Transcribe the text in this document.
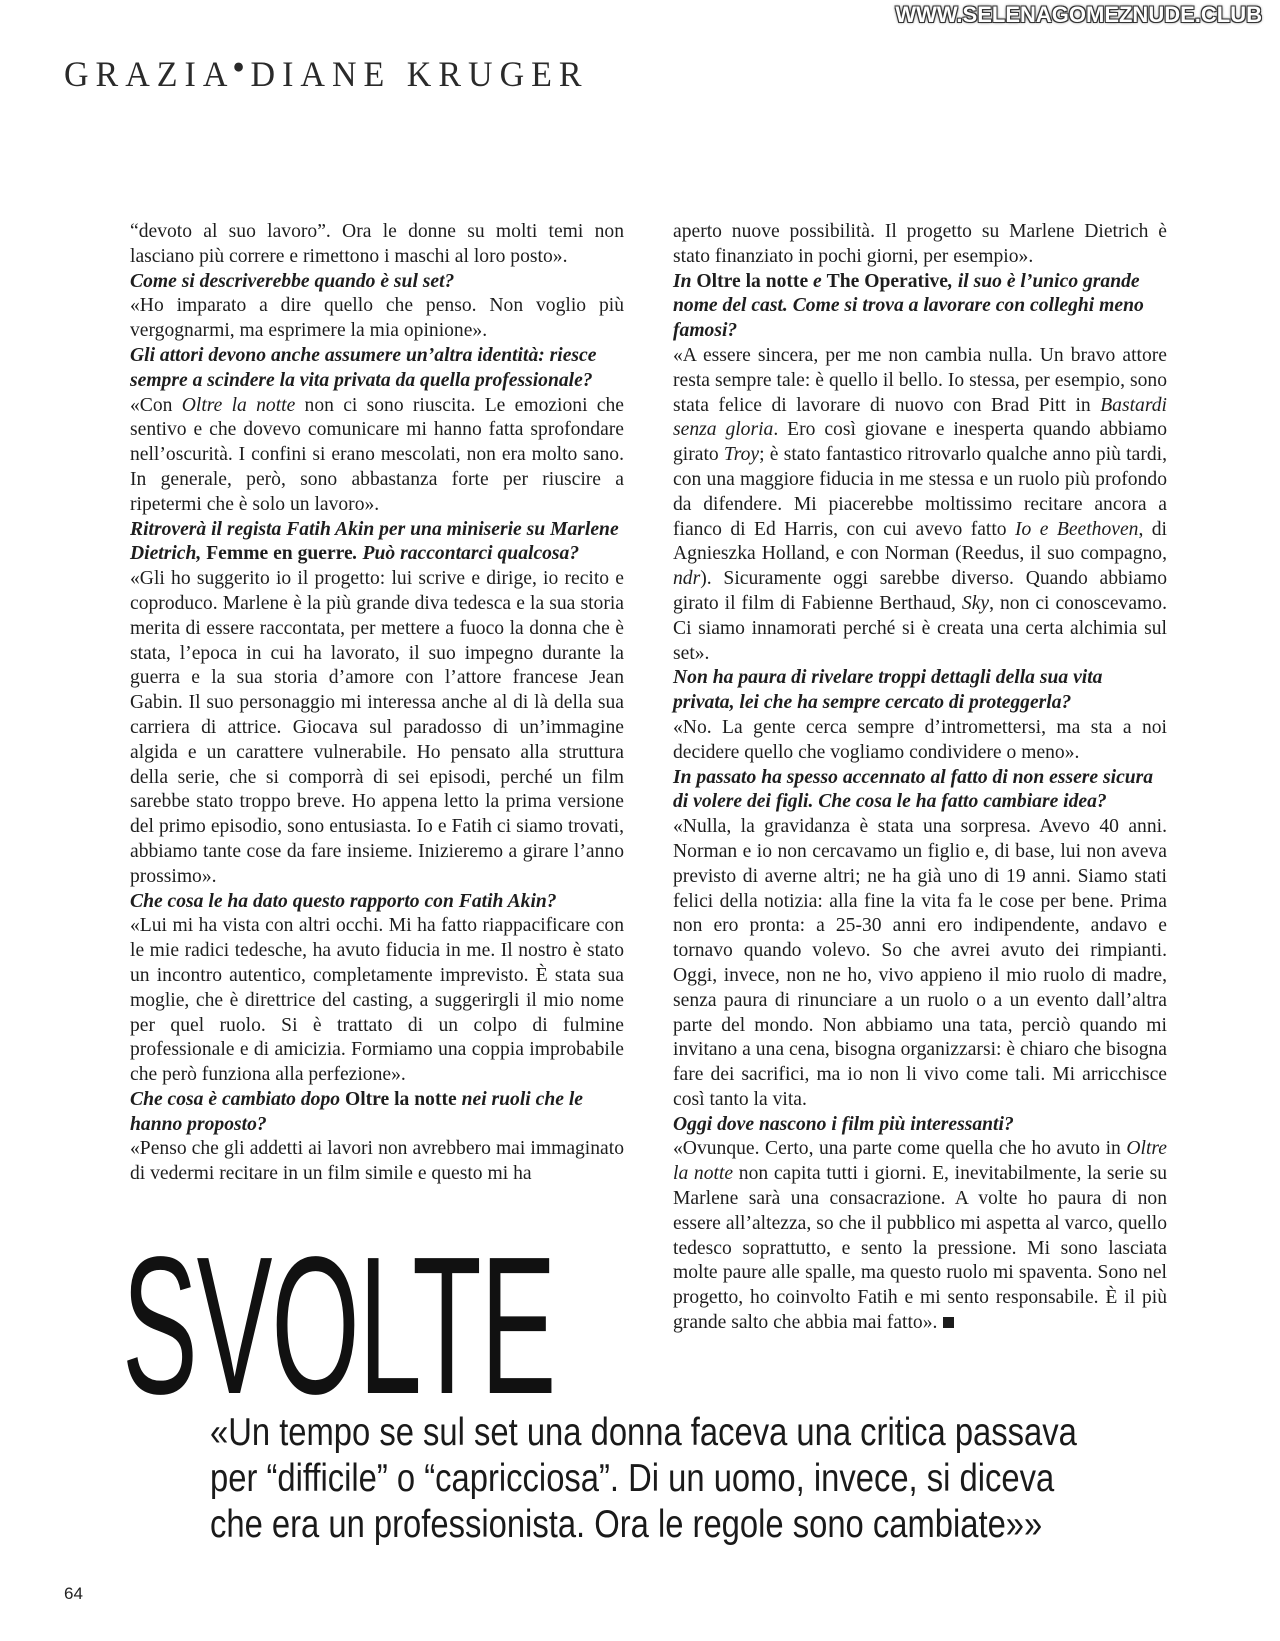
WWW.SELENAGOMEZNUDE.CLUB
GRAZIA● DIANE KRUGER

“devoto al suo lavoro”. Ora le donne su molti temi non lasciano più correre e rimettono i maschi al loro posto».

Come si descriverebbe quando è sul set?

«Ho imparato a dire quello che penso. Non voglio più vergognarmi, ma esprimere la mia opinione».

Gli attori devono anche assumere un’altra identità: riesce sempre a scindere la vita privata da quella professionale?

«Con Oltre la notte non ci sono riuscita. Le emozioni che sentivo e che dovevo comunicare mi hanno fatta sprofondare nell’oscurità. I confini si erano mescolati, non era molto sano. In generale, però, sono abbastanza forte per riuscire a ripetermi che è solo un lavoro».

Ritroverà il regista Fatih Akin per una miniserie su Marlene Dietrich, Femme en guerre. Può raccontarci qualcosa?

«Gli ho suggerito io il progetto: lui scrive e dirige, io recito e coproduco. Marlene è la più grande diva tedesca e la sua storia merita di essere raccontata, per mettere a fuoco la donna che è stata, l’epoca in cui ha lavorato, il suo impegno durante la guerra e la sua storia d’amore con l’attore francese Jean Gabin. Il suo personaggio mi interessa anche al di là della sua carriera di attrice. Giocava sul paradosso di un’immagine algida e un carattere vulnerabile. Ho pensato alla struttura della serie, che si comporrà di sei episodi, perché un film sarebbe stato troppo breve. Ho appena letto la prima versione del primo episodio, sono entusiasta. Io e Fatih ci siamo trovati, abbiamo tante cose da fare insieme. Inizieremo a girare l’anno prossimo».

Che cosa le ha dato questo rapporto con Fatih Akin?

«Lui mi ha vista con altri occhi. Mi ha fatto riappacificare con le mie radici tedesche, ha avuto fiducia in me. Il nostro è stato un incontro autentico, completamente imprevisto. È stata sua moglie, che è direttrice del casting, a suggerirgli il mio nome per quel ruolo. Si è trattato di un colpo di fulmine professionale e di amicizia. Formiamo una coppia improbabile che però funziona alla perfezione».

Che cosa è cambiato dopo Oltre la notte nei ruoli che le hanno proposto?

«Penso che gli addetti ai lavori non avrebbero mai immaginato di vedermi recitare in un film simile e questo mi ha

aperto nuove possibilità. Il progetto su Marlene Dietrich è stato finanziato in pochi giorni, per esempio».

In Oltre la notte e The Operative, il suo è l’unico grande nome del cast. Come si trova a lavorare con colleghi meno famosi?

«A essere sincera, per me non cambia nulla. Un bravo attore resta sempre tale: è quello il bello. Io stessa, per esempio, sono stata felice di lavorare di nuovo con Brad Pitt in Bastardi senza gloria. Ero così giovane e inesperta quando abbiamo girato Troy; è stato fantastico ritrovarlo qualche anno più tardi, con una maggiore fiducia in me stessa e un ruolo più profondo da difendere. Mi piacerebbe moltissimo recitare ancora a fianco di Ed Harris, con cui avevo fatto Io e Beethoven, di Agnieszka Holland, e con Norman (Reedus, il suo compagno, ndr). Sicuramente oggi sarebbe diverso. Quando abbiamo girato il film di Fabienne Berthaud, Sky, non ci conoscevamo. Ci siamo innamorati perché si è creata una certa alchimia sul set».

Non ha paura di rivelare troppi dettagli della sua vita privata, lei che ha sempre cercato di proteggerla?

«No. La gente cerca sempre d’intromettersi, ma sta a noi decidere quello che vogliamo condividere o meno».

In passato ha spesso accennato al fatto di non essere sicura di volere dei figli. Che cosa le ha fatto cambiare idea?

«Nulla, la gravidanza è stata una sorpresa. Avevo 40 anni. Norman e io non cercavamo un figlio e, di base, lui non aveva previsto di averne altri; ne ha già uno di 19 anni. Siamo stati felici della notizia: alla fine la vita fa le cose per bene. Prima non ero pronta: a 25-30 anni ero indipendente, andavo e tornavo quando volevo. So che avrei avuto dei rimpianti. Oggi, invece, non ne ho, vivo appieno il mio ruolo di madre, senza paura di rinunciare a un ruolo o a un evento dall’altra parte del mondo. Non abbiamo una tata, perciò quando mi invitano a una cena, bisogna organizzarsi: è chiaro che bisogna fare dei sacrifici, ma io non li vivo come tali. Mi arricchisce così tanto la vita.

Oggi dove nascono i film più interessanti?

«Ovunque. Certo, una parte come quella che ho avuto in Oltre la notte non capita tutti i giorni. E, inevitabilmente, la serie su Marlene sarà una consacrazione. A volte ho paura di non essere all’altezza, so che il pubblico mi aspetta al varco, quello tedesco soprattutto, e sento la pressione. Mi sono lasciata molte paure alle spalle, ma questo ruolo mi spaventa. Sono nel progetto, ho coinvolto Fatih e mi sento responsabile. È il più grande salto che abbia mai fatto».

SVOLTE
«Un tempo se sul set una donna faceva una critica passava
per “difficile” o “capricciosa”. Di un uomo, invece, si diceva
che era un professionista. Ora le regole sono cambiate»»
64
